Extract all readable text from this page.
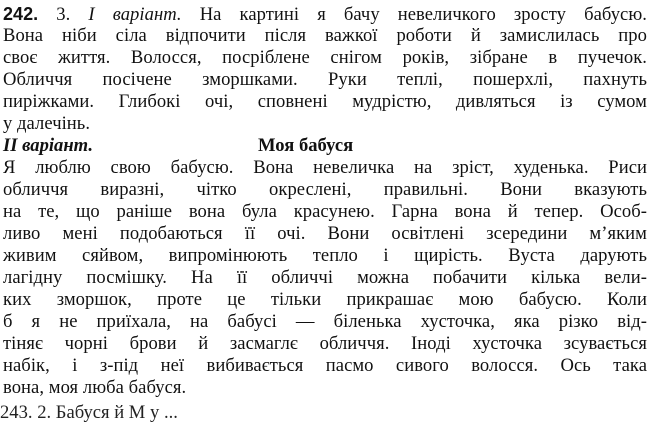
242. 3. І варіант. На картині я бачу невеличкого зросту бабусю.
Вона ніби сіла відпочити після важкої роботи й замислилась про
своє життя. Волосся, посріблене снігом років, зібране в пучечок.
Обличчя посічене зморшками. Руки теплі, пошерхлі, пахнуть
пиріжками. Глибокі очі, сповнені мудрістю, дивляться із сумом
у далечінь.
ІІ варіант.	Моя бабуся
Я люблю свою бабусю. Вона невеличка на зріст, худенька. Риси
обличчя виразні, чітко окреслені, правильні. Вони вказують
на те, що раніше вона була красунею. Гарна вона й тепер. Особ-
ливо мені подобаються її очі. Вони освітлені зсередини м’яким
живим сяйвом, випромінюють тепло і щирість. Вуста дарують
лагідну посмішку. На її обличчі можна побачити кілька вели-
ких зморшок, проте це тільки прикрашає мою бабусю. Коли
б я не приїхала, на бабусі — біленька хусточка, яка різко від-
тіняє чорні брови й засмаглє обличчя. Іноді хусточка зсувається
набік, і з-під неї вибивається пасмо сивого волосся. Ось така
вона, моя люба бабуся.
243. 2. Бабуся й М у ...
